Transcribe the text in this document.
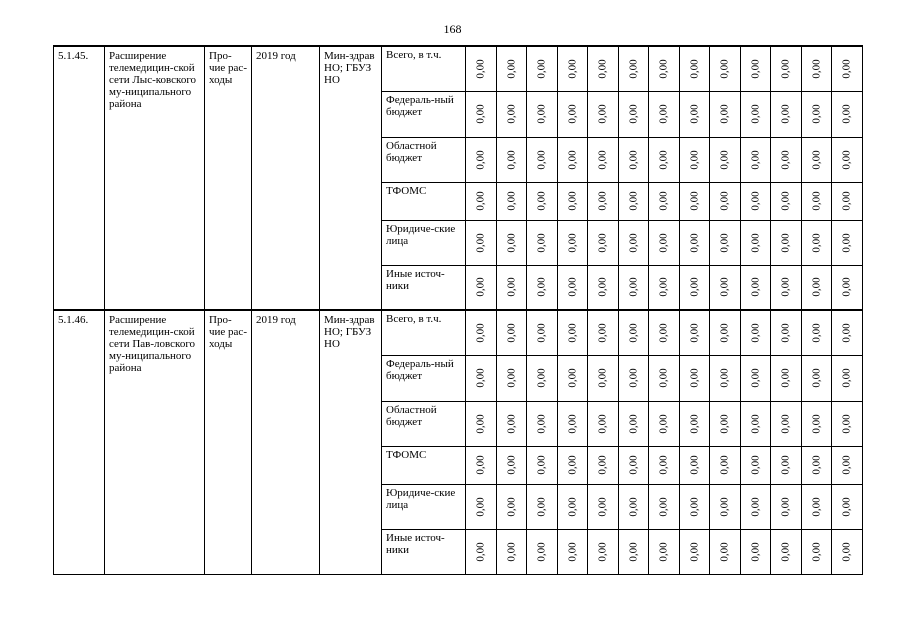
168
5.1.45.	Расширение телемедицин-ской сети Лыс-ковского му-ниципального района	Про-чие рас-ходы	2019 год	Мин-здрав НО; ГБУЗ НО	Всего, в т.ч.	0,00	0,00	0,00	0,00	0,00	0,00	0,00	0,00	0,00	0,00	0,00	0,00	0,00
					Федераль-ный бюджет	0,00	0,00	0,00	0,00	0,00	0,00	0,00	0,00	0,00	0,00	0,00	0,00	0,00
					Областной бюджет	0,00	0,00	0,00	0,00	0,00	0,00	0,00	0,00	0,00	0,00	0,00	0,00	0,00
					ТФОМС	0,00	0,00	0,00	0,00	0,00	0,00	0,00	0,00	0,00	0,00	0,00	0,00	0,00
					Юридиче-ские лица	0,00	0,00	0,00	0,00	0,00	0,00	0,00	0,00	0,00	0,00	0,00	0,00	0,00
					Иные источ-ники	0,00	0,00	0,00	0,00	0,00	0,00	0,00	0,00	0,00	0,00	0,00	0,00	0,00
5.1.46.	Расширение телемедицин-ской сети Пав-ловского му-ниципального района	Про-чие рас-ходы	2019 год	Мин-здрав НО; ГБУЗ НО	Всего, в т.ч.	0,00	0,00	0,00	0,00	0,00	0,00	0,00	0,00	0,00	0,00	0,00	0,00	0,00
					Федераль-ный бюджет	0,00	0,00	0,00	0,00	0,00	0,00	0,00	0,00	0,00	0,00	0,00	0,00	0,00
					Областной бюджет	0,00	0,00	0,00	0,00	0,00	0,00	0,00	0,00	0,00	0,00	0,00	0,00	0,00
					ТФОМС	0,00	0,00	0,00	0,00	0,00	0,00	0,00	0,00	0,00	0,00	0,00	0,00	0,00
					Юридиче-ские лица	0,00	0,00	0,00	0,00	0,00	0,00	0,00	0,00	0,00	0,00	0,00	0,00	0,00
					Иные источ-ники	0,00	0,00	0,00	0,00	0,00	0,00	0,00	0,00	0,00	0,00	0,00	0,00	0,00
